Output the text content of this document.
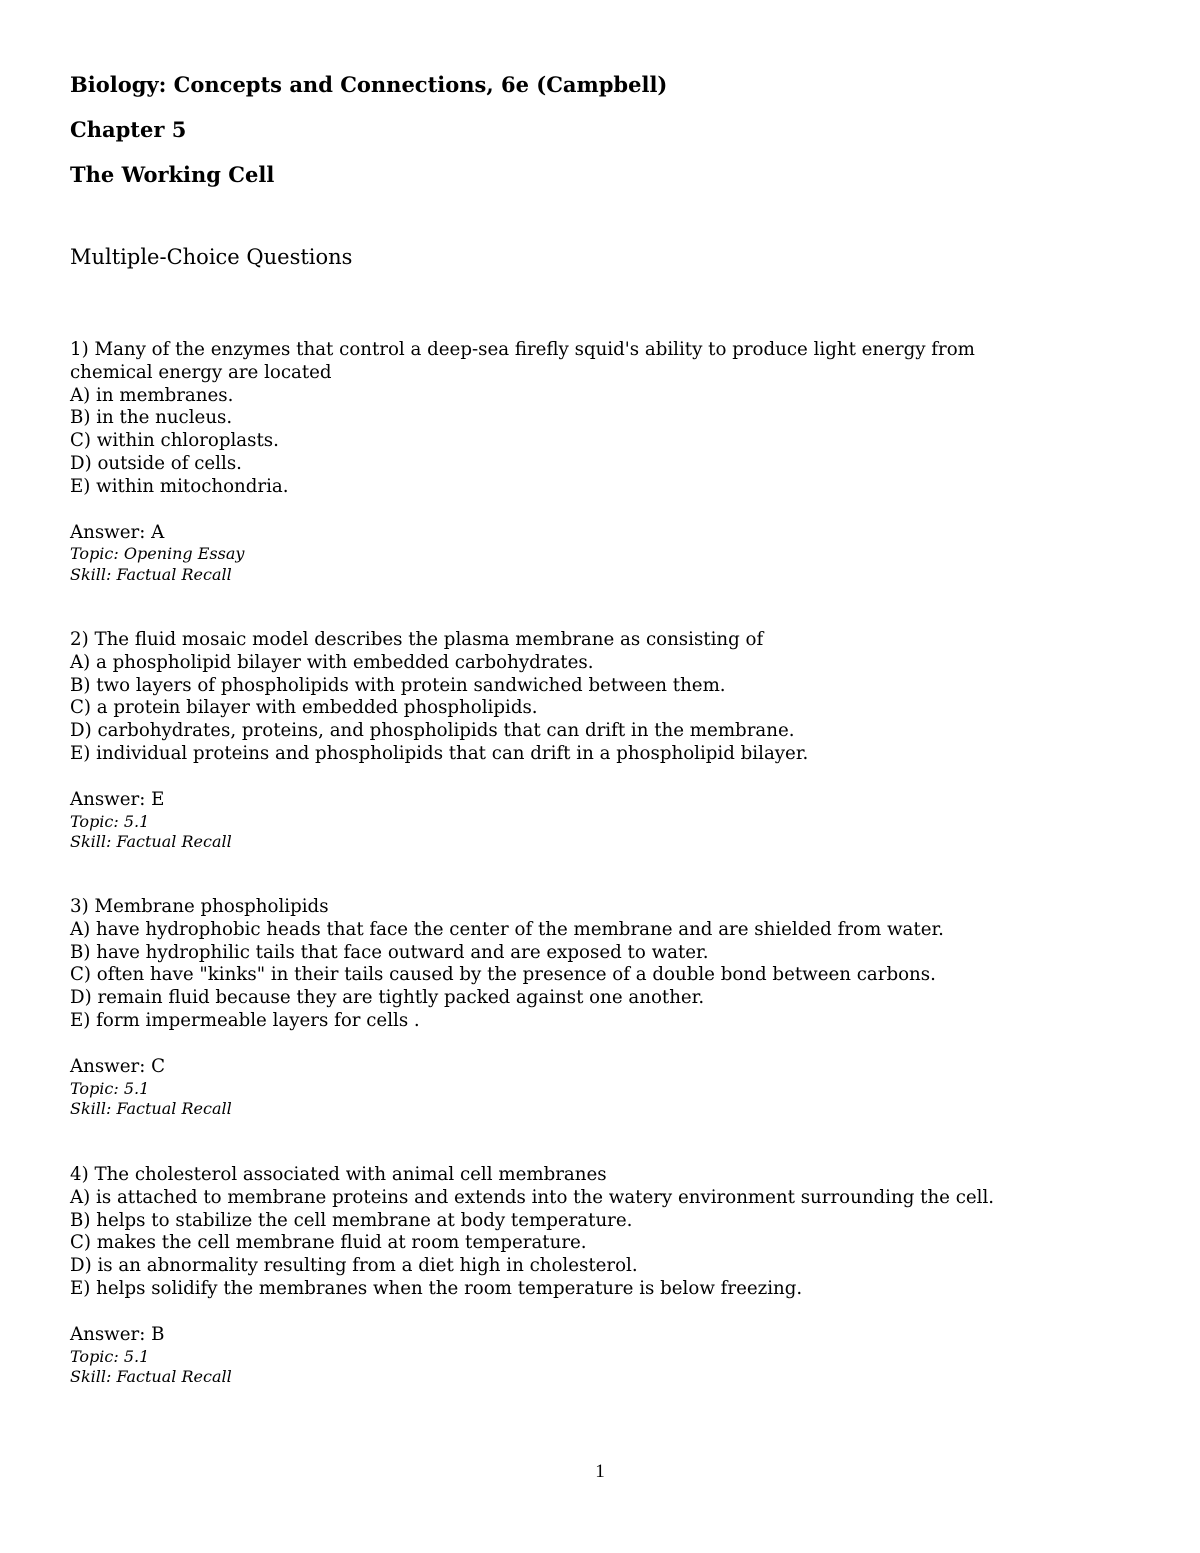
Biology: Concepts and Connections, 6e (Campbell)
Chapter 5
The Working Cell
Multiple-Choice Questions
1) Many of the enzymes that control a deep-sea firefly squid's ability to produce light energy from
chemical energy are located
A) in membranes.
B) in the nucleus.
C) within chloroplasts.
D) outside of cells.
E) within mitochondria.
Answer: A
Topic: Opening Essay
Skill: Factual Recall
2) The fluid mosaic model describes the plasma membrane as consisting of
A) a phospholipid bilayer with embedded carbohydrates.
B) two layers of phospholipids with protein sandwiched between them.
C) a protein bilayer with embedded phospholipids.
D) carbohydrates, proteins, and phospholipids that can drift in the membrane.
E) individual proteins and phospholipids that can drift in a phospholipid bilayer.
Answer: E
Topic: 5.1
Skill: Factual Recall
3) Membrane phospholipids
A) have hydrophobic heads that face the center of the membrane and are shielded from water.
B) have hydrophilic tails that face outward and are exposed to water.
C) often have "kinks" in their tails caused by the presence of a double bond between carbons.
D) remain fluid because they are tightly packed against one another.
E) form impermeable layers for cells .
Answer: C
Topic: 5.1
Skill: Factual Recall
4) The cholesterol associated with animal cell membranes
A) is attached to membrane proteins and extends into the watery environment surrounding the cell.
B) helps to stabilize the cell membrane at body temperature.
C) makes the cell membrane fluid at room temperature.
D) is an abnormality resulting from a diet high in cholesterol.
E) helps solidify the membranes when the room temperature is below freezing.
Answer: B
Topic: 5.1
Skill: Factual Recall
1
